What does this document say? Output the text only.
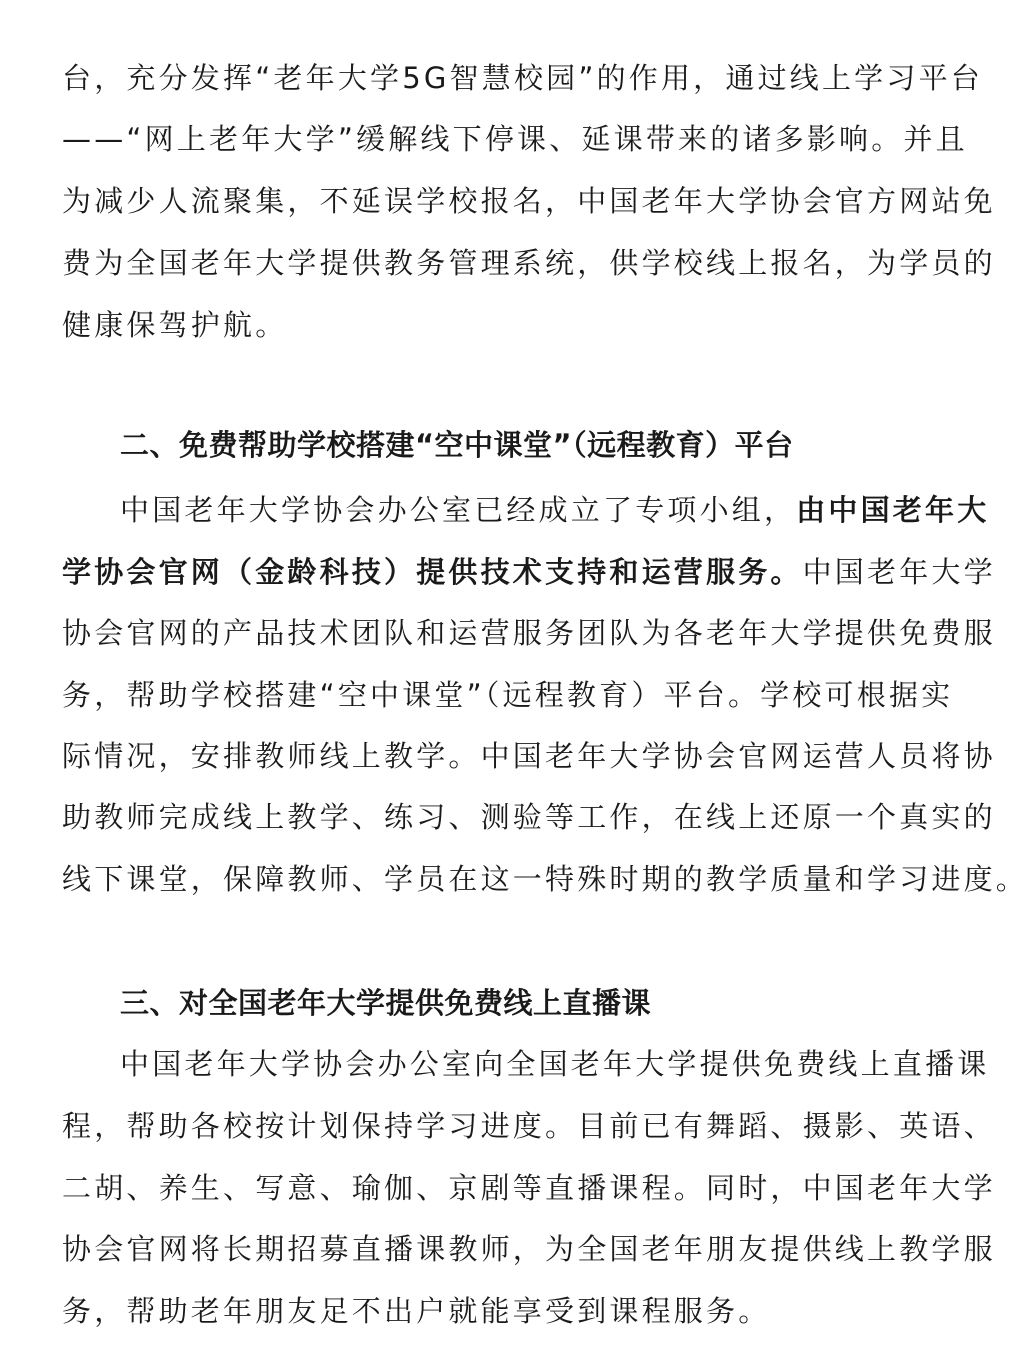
台，充分发挥“老年大学5G智慧校园”的作用，通过线上学习平台
——“网上老年大学”缓解线下停课、延课带来的诸多影响。并且
为减少人流聚集，不延误学校报名，中国老年大学协会官方网站免
费为全国老年大学提供教务管理系统，供学校线上报名，为学员的
健康保驾护航。
二、免费帮助学校搭建“空中课堂”（远程教育）平台
中国老年大学协会办公室已经成立了专项小组，由中国老年大
学协会官网（金龄科技）提供技术支持和运营服务。中国老年大学
协会官网的产品技术团队和运营服务团队为各老年大学提供免费服
务，帮助学校搭建“空中课堂”（远程教育）平台。学校可根据实
际情况，安排教师线上教学。中国老年大学协会官网运营人员将协
助教师完成线上教学、练习、测验等工作，在线上还原一个真实的
线下课堂，保障教师、学员在这一特殊时期的教学质量和学习进度。
三、对全国老年大学提供免费线上直播课
中国老年大学协会办公室向全国老年大学提供免费线上直播课
程，帮助各校按计划保持学习进度。目前已有舞蹈、摄影、英语、
二胡、养生、写意、瑜伽、京剧等直播课程。同时，中国老年大学
协会官网将长期招募直播课教师，为全国老年朋友提供线上教学服
务，帮助老年朋友足不出户就能享受到课程服务。
